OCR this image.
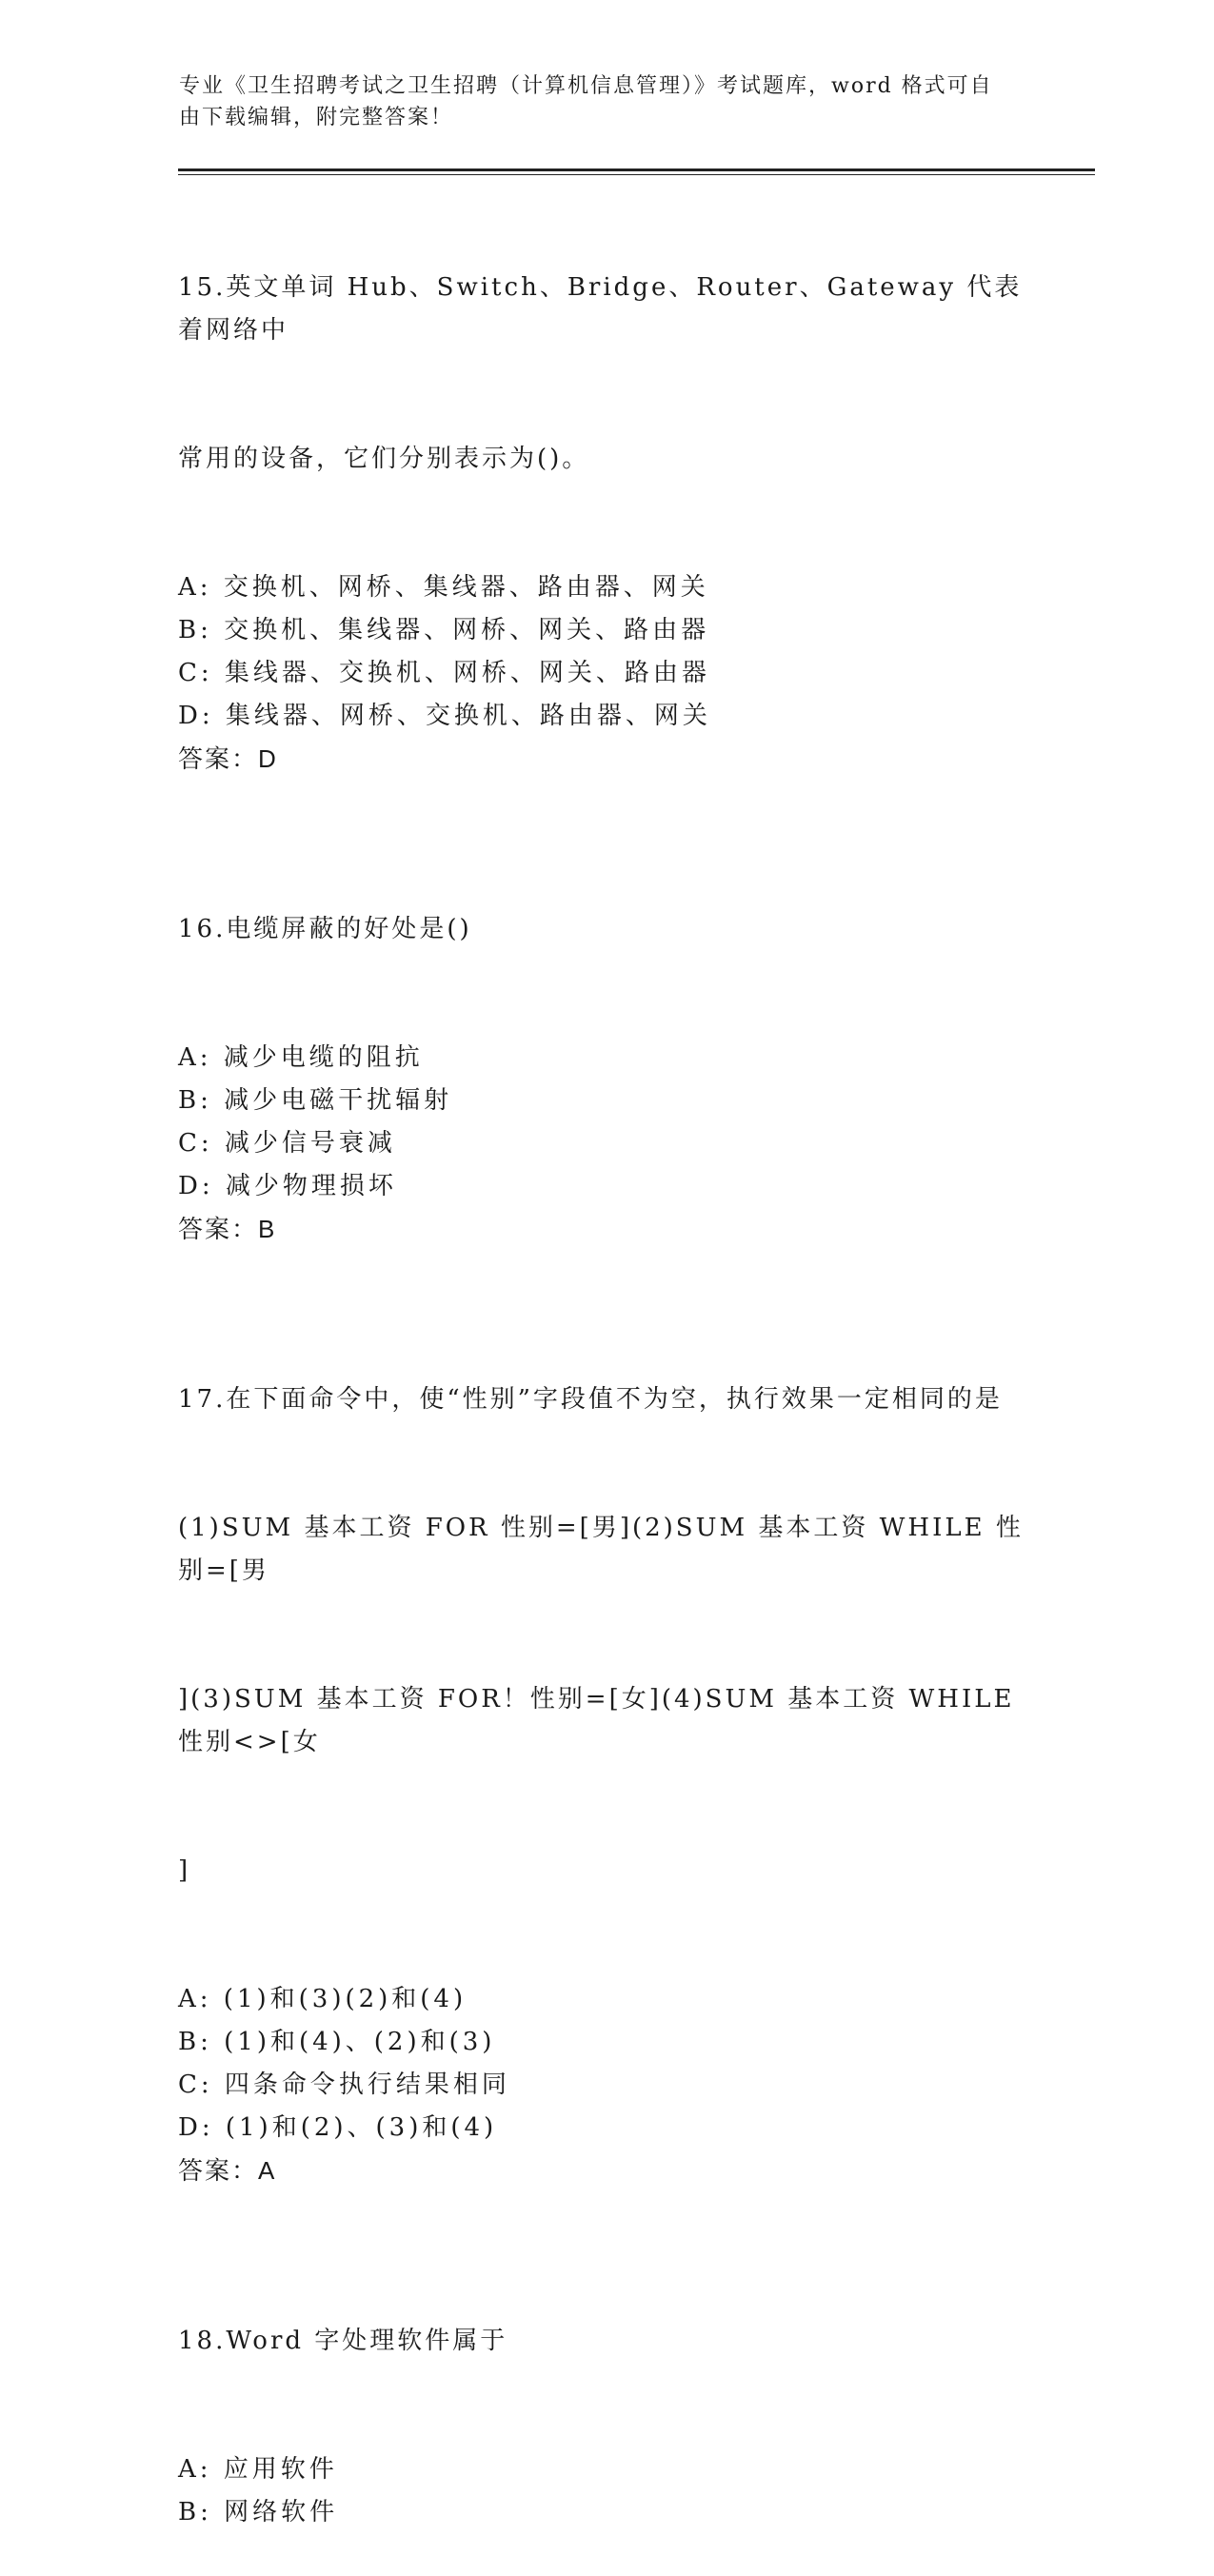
专业《卫生招聘考试之卫生招聘（计算机信息管理）》考试题库，word 格式可自
由下载编辑，附完整答案！

15.英文单词 Hub、Switch、Bridge、Router、Gateway 代表着网络中

常用的设备，它们分别表示为()。

A: 交换机、网桥、集线器、路由器、网关
B: 交换机、集线器、网桥、网关、路由器
C: 集线器、交换机、网桥、网关、路由器
D: 集线器、网桥、交换机、路由器、网关
答案：D

16.电缆屏蔽的好处是()

A: 减少电缆的阻抗
B: 减少电磁干扰辐射
C: 减少信号衰减
D: 减少物理损坏
答案：B

17.在下面命令中，使“性别”字段值不为空，执行效果一定相同的是

(1)SUM 基本工资 FOR 性别=[男](2)SUM 基本工资 WHILE 性别=[男

](3)SUM 基本工资 FOR！性别=[女](4)SUM 基本工资 WHILE 性别<>[女

]

A: (1)和(3)(2)和(4)
B: (1)和(4)、(2)和(3)
C: 四条命令执行结果相同
D: (1)和(2)、(3)和(4)
答案：A

18.Word 字处理软件属于

A: 应用软件
B: 网络软件
